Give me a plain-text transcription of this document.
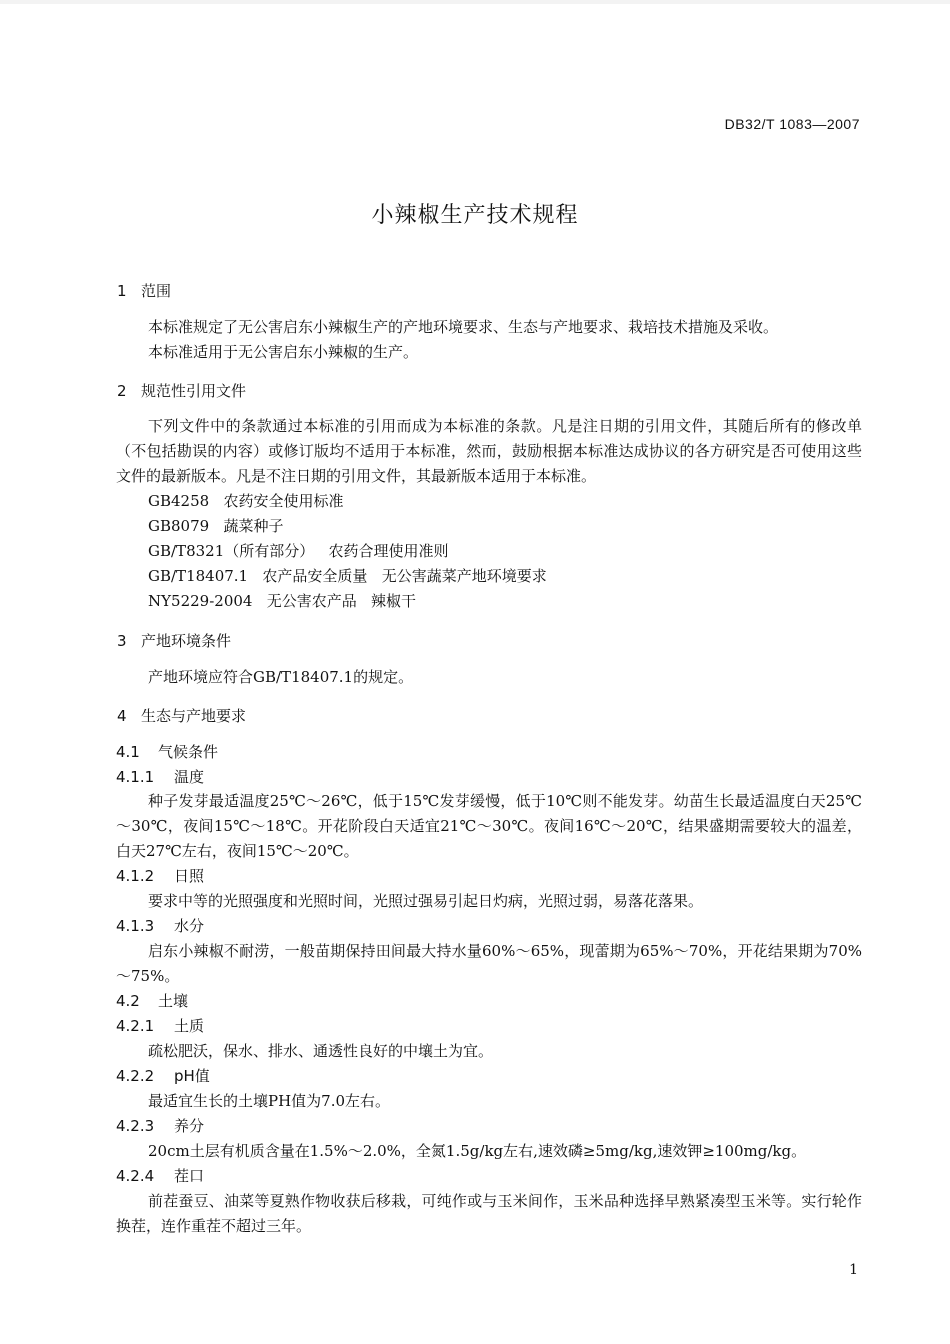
DB32/T 1083—2007
小辣椒生产技术规程
1 范围

本标准规定了无公害启东小辣椒生产的产地环境要求、生态与产地要求、栽培技术措施及采收。

本标准适用于无公害启东小辣椒的生产。

2 规范性引用文件

下列文件中的条款通过本标准的引用而成为本标准的条款。凡是注日期的引用文件，其随后所有的修改单（不包括勘误的内容）或修订版均不适用于本标准，然而，鼓励根据本标准达成协议的各方研究是否可使用这些文件的最新版本。凡是不注日期的引用文件，其最新版本适用于本标准。

GB4258   农药安全使用标准
GB8079   蔬菜种子
GB/T8321（所有部分）   农药合理使用准则
GB/T18407.1   农产品安全质量   无公害蔬菜产地环境要求
NY5229-2004   无公害农产品   辣椒干
3 产地环境条件

产地环境应符合GB/T18407.1的规定。

4 生态与产地要求
4.1 气候条件
4.1.1 温度

种子发芽最适温度25℃～26℃，低于15℃发芽缓慢，低于10℃则不能发芽。幼苗生长最适温度白天25℃～30℃，夜间15℃～18℃。开花阶段白天适宜21℃～30℃。夜间16℃～20℃，结果盛期需要较大的温差，白天27℃左右，夜间15℃～20℃。

4.1.2 日照

要求中等的光照强度和光照时间，光照过强易引起日灼病，光照过弱，易落花落果。

4.1.3 水分

启东小辣椒不耐涝，一般苗期保持田间最大持水量60%～65%，现蕾期为65%～70%，开花结果期为70%～75%。

4.2 土壤
4.2.1 土质

疏松肥沃，保水、排水、通透性良好的中壤土为宜。

4.2.2 pH值

最适宜生长的土壤PH值为7.0左右。

4.2.3 养分

20cm土层有机质含量在1.5%～2.0%，全氮1.5g/kg左右,速效磷≥5mg/kg,速效钾≥100mg/kg。

4.2.4 茬口

前茬蚕豆、油菜等夏熟作物收获后移栽，可纯作或与玉米间作，玉米品种选择早熟紧凑型玉米等。实行轮作换茬，连作重茬不超过三年。

1
